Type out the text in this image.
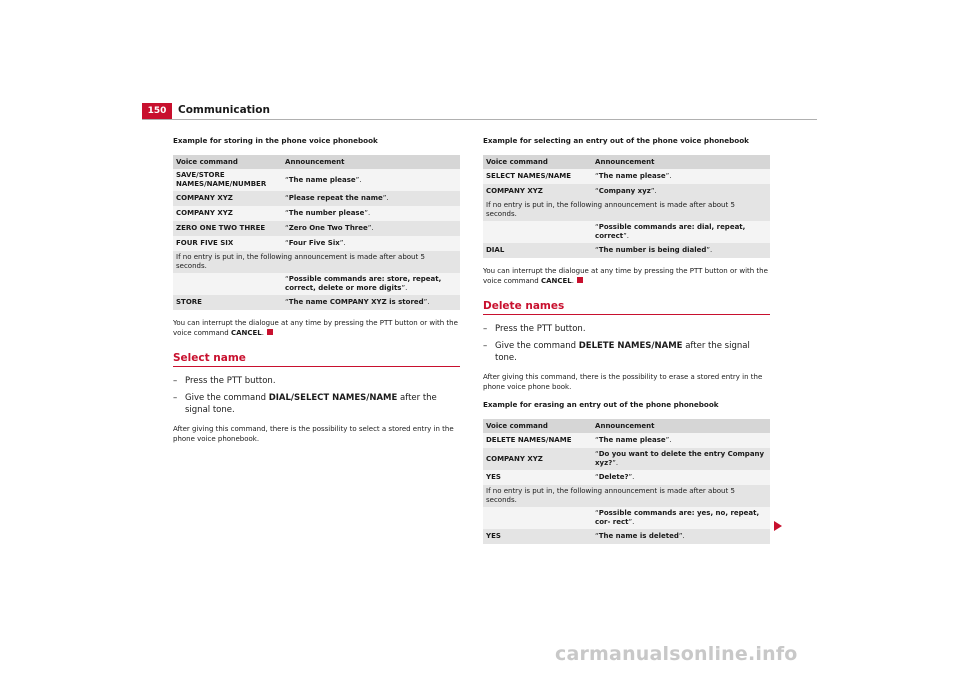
150	Communication
Example for storing in the phone voice phonebook
Voice command	Announcement
SAVE/STORE NAMES/NAME/NUMBER	“The name please”.
COMPANY XYZ	“Please repeat the name”.
COMPANY XYZ	“The number please”.
ZERO ONE TWO THREE	“Zero One Two Three”.
FOUR FIVE SIX	“Four Five Six”.
If no entry is put in, the following announcement is made after about 5 seconds.	
	“Possible commands are: store, repeat, correct, delete or more digits”.
STORE	“The name COMPANY XYZ is stored”.
You can interrupt the dialogue at any time by pressing the PTT button or with the voice command CANCEL.
Select name
– Press the PTT button.
– Give the command DIAL/SELECT NAMES/NAME after the signal tone.
After giving this command, there is the possibility to select a stored entry in the phone voice phonebook.
Example for selecting an entry out of the phone voice phonebook
Voice command	Announcement
SELECT NAMES/NAME	“The name please”.
COMPANY XYZ	“Company xyz”.
If no entry is put in, the following announcement is made after about 5 seconds.	
	“Possible commands are: dial, repeat, correct”.
DIAL	“The number is being dialed”.
You can interrupt the dialogue at any time by pressing the PTT button or with the voice command CANCEL.
Delete names
– Press the PTT button.
– Give the command DELETE NAMES/NAME after the signal tone.
After giving this command, there is the possibility to erase a stored entry in the phone voice phone book.
Example for erasing an entry out of the phone phonebook
Voice command	Announcement
DELETE NAMES/NAME	“The name please”.
COMPANY XYZ	“Do you want to delete the entry Company xyz?”.
YES	“Delete?”.
If no entry is put in, the following announcement is made after about 5 seconds.	
	“Possible commands are: yes, no, repeat, cor- rect”.
YES	“The name is deleted”.
carmanualsonline.info
